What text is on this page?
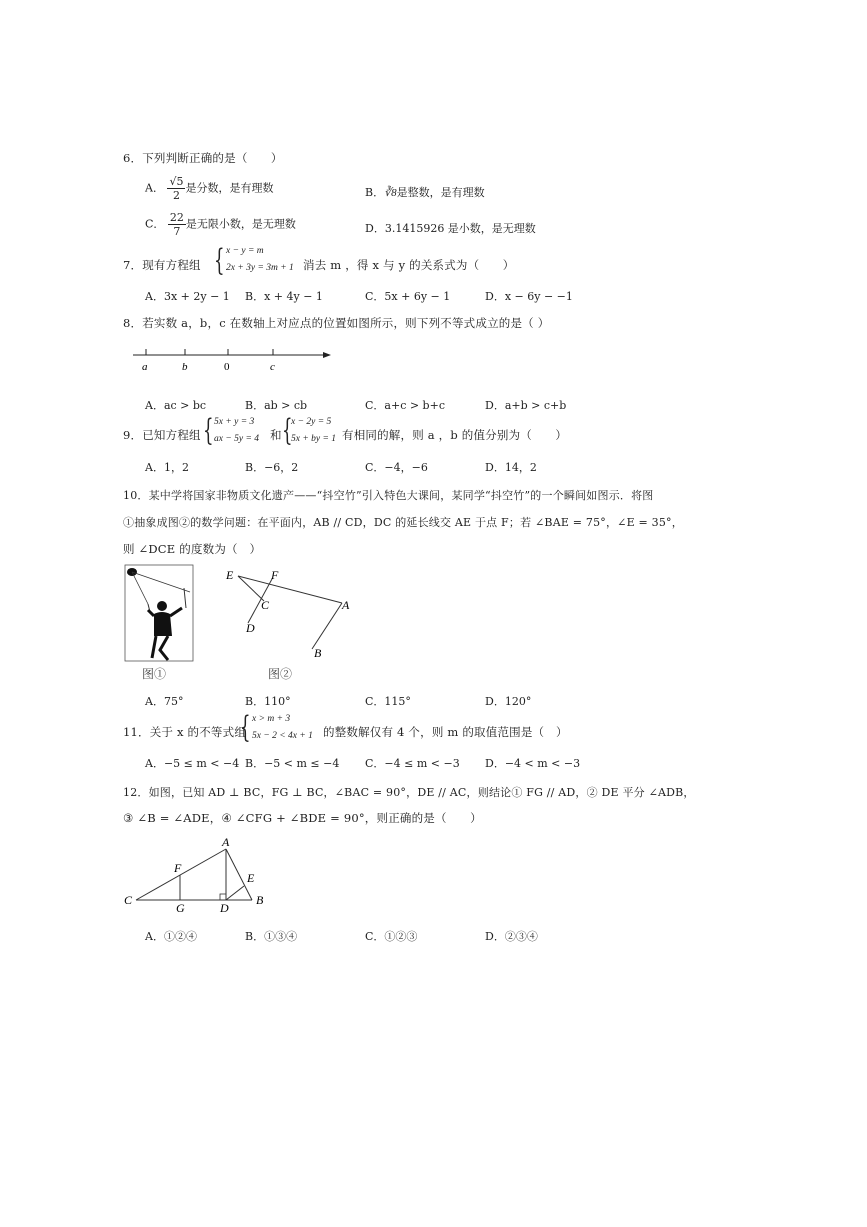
6．下列判断正确的是（　　）
A． $\frac{√5}{2}$ 是分数，是有理数	B．∛8是整数，是有理数
C． $\frac{22}{7}$ 是无限小数，是无理数	D．3.1415926 是小数，是无理数
7．现有方程组 { x − y = m
2x + 3y = 3m + 1 消去 m ，得 x 与 y 的关系式为（　　）
A．3x + 2y − 1 B．x + 4y − 1	C．5x + 6y − 1	D．x − 6y − −1
8．若实数 a，b，c 在数轴上对应点的位置如图所示，则下列不等式成立的是（ ）
a	b	0	c
A．ac > bc	B．ab > cb	C．a+c > b+c	D．a+b > c+b
9．已知方程组 { 5x + y = 3
ax − 5y = 4 和 {
x − 2y = 5
5x + by = 1 有相同的解，则 a ，b 的值分别为（　　）
A．1，2	B．−6，2	C．−4，−6	D．14，2
10．某中学将国家非物质文化遗产——“抖空竹”引入特色大课间，某同学“抖空竹”的一个瞬间如图示．将图
①抽象成图②的数学问题：在平面内，AB // CD，DC 的延长线交 AE 于点 F；若 ∠BAE = 75°，∠E = 35°，
则 ∠DCE 的度数为（　）
图①
E	F
C	A
D
B
图②
A．75°	B．110°	C．115°	D．120°
11．关于 x 的不等式组
{ x > m + 3
5x − 2 < 4x + 1 的整数解仅有 4 个，则 m 的取值范围是（　）
A．−5 ≤ m < −4 B．−5 < m ≤ −4 C．−4 ≤ m < −3 D．−4 < m < −3
12．如图，已知 AD ⊥ BC，FG ⊥ BC，∠BAC = 90°，DE // AC，则结论① FG // AD，② DE 平分 ∠ADB，
③ ∠B = ∠ADE，④ ∠CFG + ∠BDE = 90°，则正确的是（　　）
A
F
E
C
G	D
B
A．①②④	B．①③④	C．①②③	D．②③④
